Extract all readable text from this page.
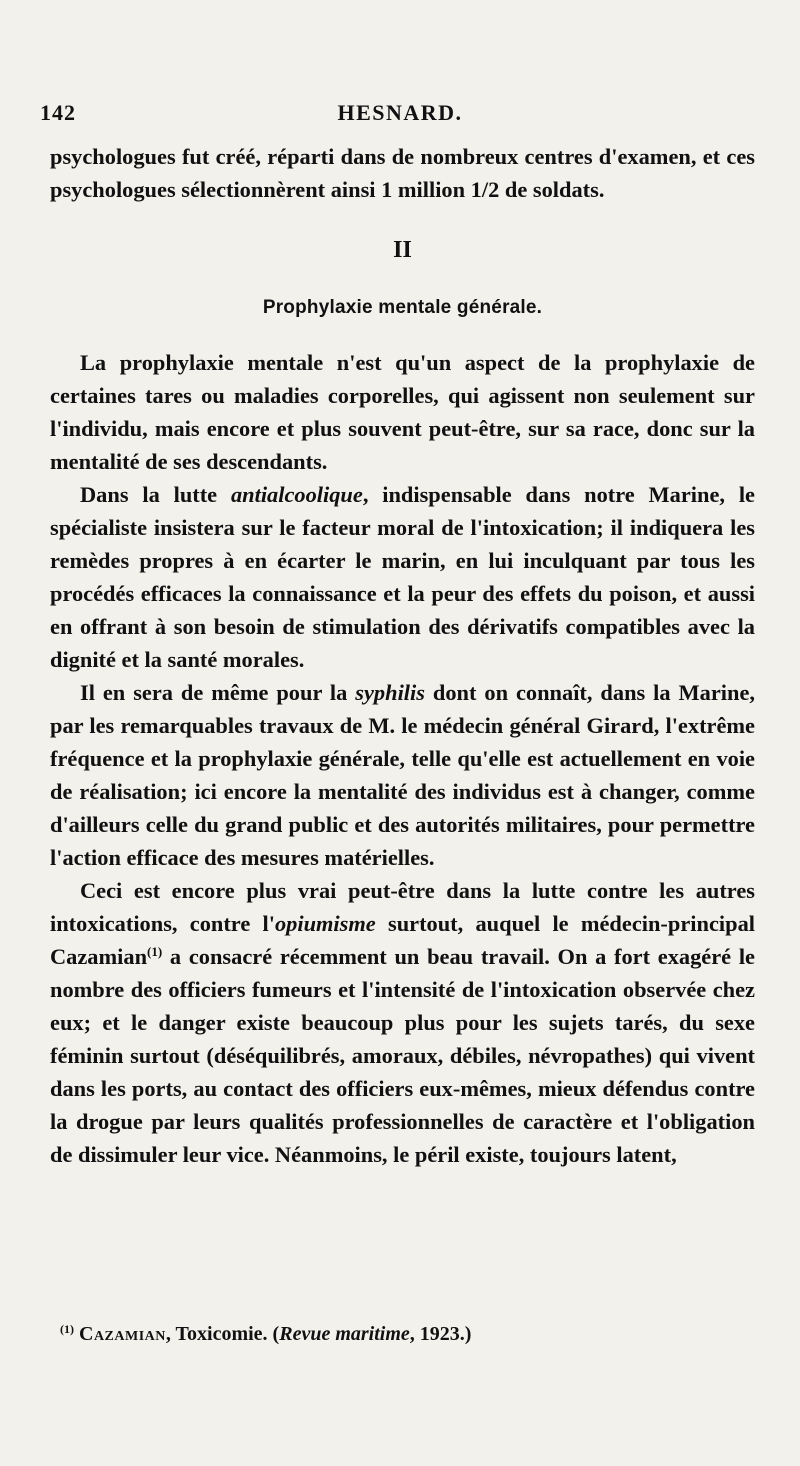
142	HESNARD.

psychologues fut créé, réparti dans de nombreux centres d'examen, et ces psychologues sélectionnèrent ainsi 1 million 1/2 de soldats.

II
Prophylaxie mentale générale.

La prophylaxie mentale n'est qu'un aspect de la prophylaxie de certaines tares ou maladies corporelles, qui agissent non seulement sur l'individu, mais encore et plus souvent peut-être, sur sa race, donc sur la mentalité de ses descendants.

Dans la lutte antialcoolique, indispensable dans notre Marine, le spécialiste insistera sur le facteur moral de l'intoxication; il indiquera les remèdes propres à en écarter le marin, en lui inculquant par tous les procédés efficaces la connaissance et la peur des effets du poison, et aussi en offrant à son besoin de stimulation des dérivatifs compatibles avec la dignité et la santé morales.

Il en sera de même pour la syphilis dont on connaît, dans la Marine, par les remarquables travaux de M. le médecin général Girard, l'extrême fréquence et la prophylaxie générale, telle qu'elle est actuellement en voie de réalisation; ici encore la mentalité des individus est à changer, comme d'ailleurs celle du grand public et des autorités militaires, pour permettre l'action efficace des mesures matérielles.

Ceci est encore plus vrai peut-être dans la lutte contre les autres intoxications, contre l'opiumisme surtout, auquel le médecin-principal Cazamian$^{(1)}$ a consacré récemment un beau travail. On a fort exagéré le nombre des officiers fumeurs et l'intensité de l'intoxication observée chez eux; et le danger existe beaucoup plus pour les sujets tarés, du sexe féminin surtout (déséquilibrés, amoraux, débiles, névropathes) qui vivent dans les ports, au contact des officiers eux-mêmes, mieux défendus contre la drogue par leurs qualités professionnelles de caractère et l'obligation de dissimuler leur vice. Néanmoins, le péril existe, toujours latent,

$^{(1)}$ Cazamian, Toxicomie. (Revue maritime, 1923.)
